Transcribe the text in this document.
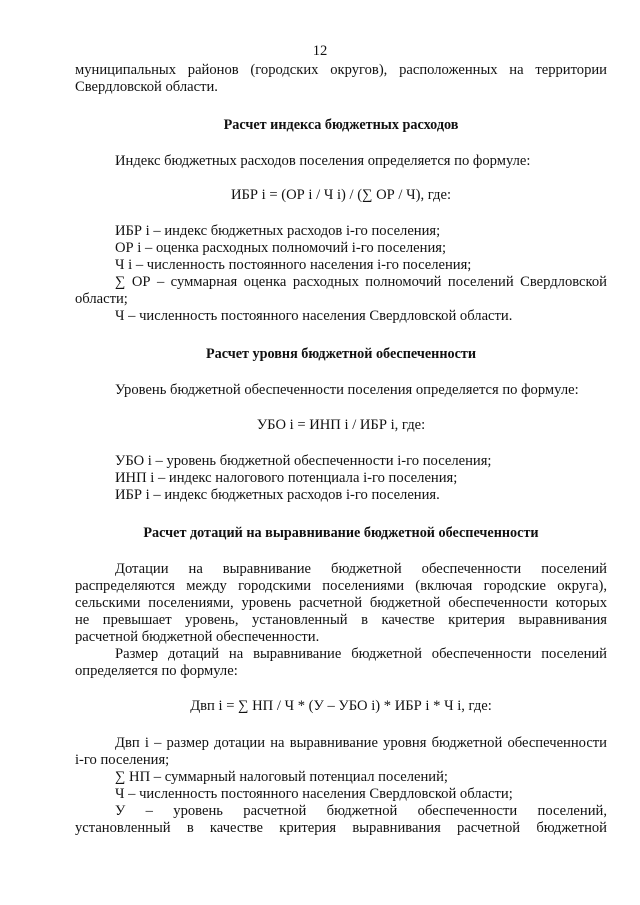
12

муниципальных районов (городских округов), расположенных на территории

Свердловской области.

Расчет индекса бюджетных расходов

Индекс бюджетных расходов поселения определяется по формуле:

ИБР i = (ОР i / Ч i) / (∑ ОР / Ч), где:

ИБР i – индекс бюджетных расходов i-го поселения;

ОР i – оценка расходных полномочий i-го поселения;

Ч i – численность постоянного населения i-го поселения;

∑ ОР – суммарная оценка расходных полномочий поселений Свердловской

области;

Ч – численность постоянного населения Свердловской области.

Расчет уровня бюджетной обеспеченности

Уровень бюджетной обеспеченности поселения определяется по формуле:

УБО i = ИНП i / ИБР i, где:

УБО i – уровень бюджетной обеспеченности i-го поселения;

ИНП i – индекс налогового потенциала i-го поселения;

ИБР i – индекс бюджетных расходов i-го поселения.

Расчет дотаций на выравнивание бюджетной обеспеченности

Дотации на выравнивание бюджетной обеспеченности поселений

распределяются между городскими поселениями (включая городские округа),

сельскими поселениями, уровень расчетной бюджетной обеспеченности которых

не превышает уровень, установленный в качестве критерия выравнивания

расчетной бюджетной обеспеченности.

Размер дотаций на выравнивание бюджетной обеспеченности поселений

определяется по формуле:

Двп i = ∑ НП / Ч * (У – УБО i) * ИБР i * Ч i, где:

Двп i – размер дотации на выравнивание уровня бюджетной обеспеченности

i-го поселения;

∑ НП – суммарный налоговый потенциал поселений;

Ч – численность постоянного населения Свердловской области;

У – уровень расчетной бюджетной обеспеченности поселений,

установленный в качестве критерия выравнивания расчетной бюджетной
